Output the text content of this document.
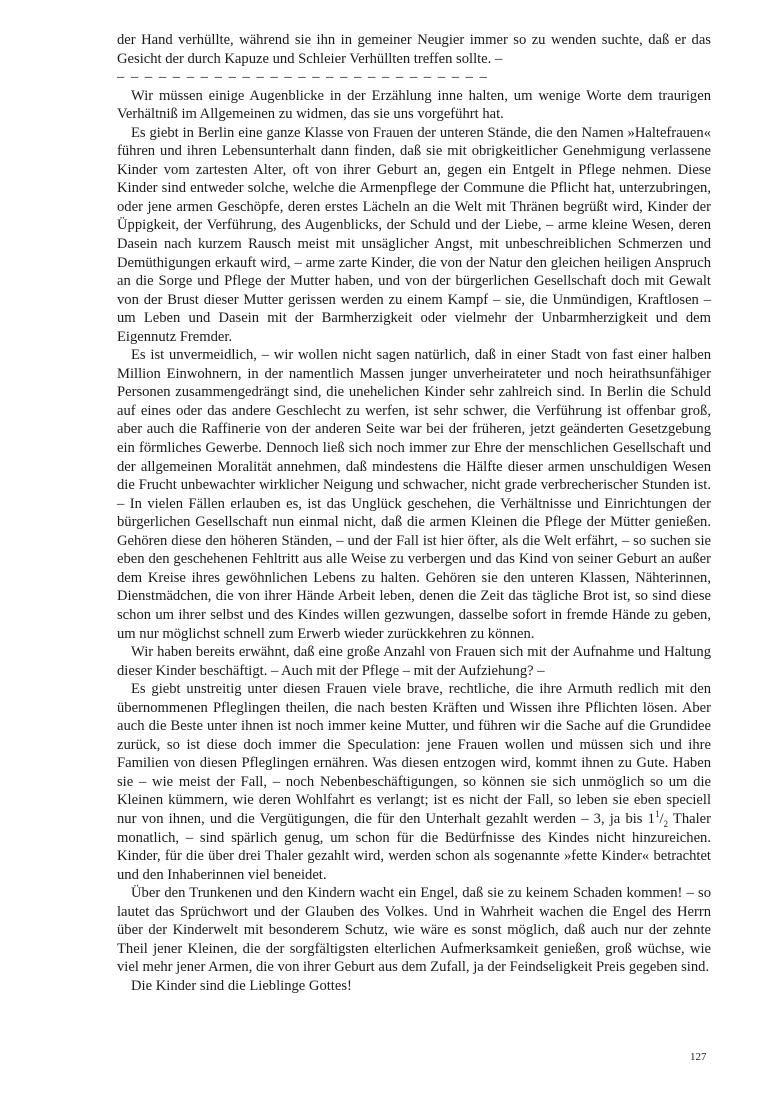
der Hand verhüllte, während sie ihn in gemeiner Neugier immer so zu wenden suchte, daß er das Gesicht der durch Kapuze und Schleier Verhüllten treffen sollte. –

– – – – – – – – – – – – – – – – – – – – – – – – – – –

Wir müssen einige Augenblicke in der Erzählung inne halten, um wenige Worte dem traurigen Verhältniß im Allgemeinen zu widmen, das sie uns vorgeführt hat.

Es giebt in Berlin eine ganze Klasse von Frauen der unteren Stände, die den Namen »Haltefrauen« führen und ihren Lebensunterhalt dann finden, daß sie mit obrigkeitlicher Genehmigung verlassene Kinder vom zartesten Alter, oft von ihrer Geburt an, gegen ein Entgelt in Pflege nehmen. Diese Kinder sind entweder solche, welche die Armenpflege der Commune die Pflicht hat, unterzubringen, oder jene armen Geschöpfe, deren erstes Lächeln an die Welt mit Thränen begrüßt wird, Kinder der Üppigkeit, der Verführung, des Augenblicks, der Schuld und der Liebe, – arme kleine Wesen, deren Dasein nach kurzem Rausch meist mit unsäglicher Angst, mit unbeschreiblichen Schmerzen und Demüthigungen erkauft wird, – arme zarte Kinder, die von der Natur den gleichen heiligen Anspruch an die Sorge und Pflege der Mutter haben, und von der bürgerlichen Gesellschaft doch mit Gewalt von der Brust dieser Mutter gerissen werden zu einem Kampf – sie, die Unmündigen, Kraftlosen – um Leben und Dasein mit der Barmherzigkeit oder vielmehr der Unbarmherzigkeit und dem Eigennutz Fremder.

Es ist unvermeidlich, – wir wollen nicht sagen natürlich, daß in einer Stadt von fast einer halben Million Einwohnern, in der namentlich Massen junger unverheirateter und noch heirathsunfähiger Personen zusammengedrängt sind, die unehelichen Kinder sehr zahlreich sind. In Berlin die Schuld auf eines oder das andere Geschlecht zu werfen, ist sehr schwer, die Verführung ist offenbar groß, aber auch die Raffinerie von der anderen Seite war bei der früheren, jetzt geänderten Gesetzgebung ein förmliches Gewerbe. Dennoch ließ sich noch immer zur Ehre der menschlichen Gesellschaft und der allgemeinen Moralität annehmen, daß mindestens die Hälfte dieser armen unschuldigen Wesen die Frucht unbewachter wirklicher Neigung und schwacher, nicht grade verbrecherischer Stunden ist. – In vielen Fällen erlauben es, ist das Unglück geschehen, die Verhältnisse und Einrichtungen der bürgerlichen Gesellschaft nun einmal nicht, daß die armen Kleinen die Pflege der Mütter genießen. Gehören diese den höheren Ständen, – und der Fall ist hier öfter, als die Welt erfährt, – so suchen sie eben den geschehenen Fehltritt aus alle Weise zu verbergen und das Kind von seiner Geburt an außer dem Kreise ihres gewöhnlichen Lebens zu halten. Gehören sie den unteren Klassen, Nähterinnen, Dienstmädchen, die von ihrer Hände Arbeit leben, denen die Zeit das tägliche Brot ist, so sind diese schon um ihrer selbst und des Kindes willen gezwungen, dasselbe sofort in fremde Hände zu geben, um nur möglichst schnell zum Erwerb wieder zurückkehren zu können.

Wir haben bereits erwähnt, daß eine große Anzahl von Frauen sich mit der Aufnahme und Haltung dieser Kinder beschäftigt. – Auch mit der Pflege – mit der Aufziehung? –

Es giebt unstreitig unter diesen Frauen viele brave, rechtliche, die ihre Armuth redlich mit den übernommenen Pfleglingen theilen, die nach besten Kräften und Wissen ihre Pflichten lösen. Aber auch die Beste unter ihnen ist noch immer keine Mutter, und führen wir die Sache auf die Grundidee zurück, so ist diese doch immer die Speculation: jene Frauen wollen und müssen sich und ihre Familien von diesen Pfleglingen ernähren. Was diesen entzogen wird, kommt ihnen zu Gute. Haben sie – wie meist der Fall, – noch Nebenbeschäftigungen, so können sie sich unmöglich so um die Kleinen kümmern, wie deren Wohlfahrt es verlangt; ist es nicht der Fall, so leben sie eben speciell nur von ihnen, und die Vergütigungen, die für den Unterhalt gezahlt werden – 3, ja bis $1^1/_2$ Thaler monatlich, – sind spärlich genug, um schon für die Bedürfnisse des Kindes nicht hinzureichen. Kinder, für die über drei Thaler gezahlt wird, werden schon als sogenannte »fette Kinder« betrachtet und den Inhaberinnen viel beneidet.

Über den Trunkenen und den Kindern wacht ein Engel, daß sie zu keinem Schaden kommen! – so lautet das Sprüchwort und der Glauben des Volkes. Und in Wahrheit wachen die Engel des Herrn über der Kinderwelt mit besonderem Schutz, wie wäre es sonst möglich, daß auch nur der zehnte Theil jener Kleinen, die der sorgfältigsten elterlichen Aufmerksamkeit genießen, groß wüchse, wie viel mehr jener Armen, die von ihrer Geburt aus dem Zufall, ja der Feindseligkeit Preis gegeben sind.

Die Kinder sind die Lieblinge Gottes!

127
